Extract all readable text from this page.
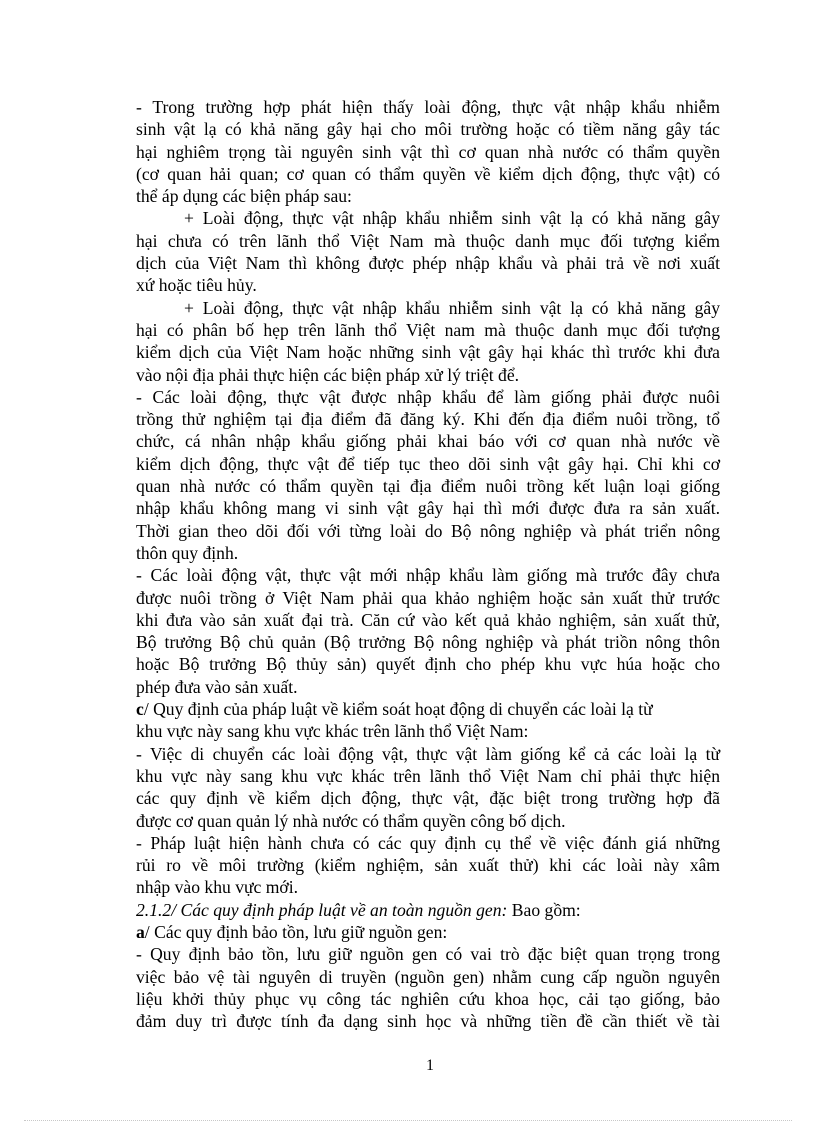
- Trong trường hợp phát hiện thấy loài động, thực vật nhập khẩu nhiễm
sinh vật lạ có khả năng gây hại cho môi trường hoặc có tiềm năng gây tác
hại nghiêm trọng tài nguyên sinh vật thì cơ quan nhà nước có thẩm quyền
(cơ quan hải quan; cơ quan có thẩm quyền về kiểm dịch động, thực vật) có
thể áp dụng các biện pháp sau:
+ Loài động, thực vật nhập khẩu nhiễm sinh vật lạ có khả năng gây
hại chưa có trên lãnh thổ Việt Nam mà thuộc danh mục đối tượng kiểm
dịch của Việt Nam thì không được phép nhập khẩu và phải trả về nơi xuất
xứ hoặc tiêu hủy.
+ Loài động, thực vật nhập khẩu nhiễm sinh vật lạ có khả năng gây
hại có phân bố hẹp trên lãnh thổ Việt nam mà thuộc danh mục đối tượng
kiểm dịch của Việt Nam hoặc những sinh vật gây hại khác thì trước khi đưa
vào nội địa phải thực hiện các biện pháp xử lý triệt để.
- Các loài động, thực vật được nhập khẩu để làm giống phải được nuôi
trồng thử nghiệm tại địa điểm đã đăng ký. Khi đến địa điểm nuôi trồng, tổ
chức, cá nhân nhập khẩu giống phải khai báo với cơ quan nhà nước về
kiểm dịch động, thực vật để tiếp tục theo dõi sinh vật gây hại. Chỉ khi cơ
quan nhà nước có thẩm quyền tại địa điểm nuôi trồng kết luận loại giống
nhập khẩu không mang vi sinh vật gây hại thì mới được đưa ra sản xuất.
Thời gian theo dõi đối với từng loài do Bộ nông nghiệp và phát triển nông
thôn quy định.
- Các loài động vật, thực vật mới nhập khẩu làm giống mà trước đây chưa
được nuôi trồng ở Việt Nam phải qua khảo nghiệm hoặc sản xuất thử trước
khi đưa vào sản xuất đại trà. Căn cứ vào kết quả khảo nghiệm, sản xuất thử,
Bộ trưởng Bộ chủ quản (Bộ trưởng Bộ nông nghiệp và phát triồn nông thôn
hoặc Bộ trưởng Bộ thủy sản) quyết định cho phép khu vực húa hoặc cho
phép đưa vào sản xuất.
c/ Quy định của pháp luật về kiểm soát hoạt động di chuyển các loài lạ từ
khu vực này sang khu vực khác trên lãnh thổ Việt Nam:
- Việc di chuyển các loài động vật, thực vật làm giống kể cả các loài lạ từ
khu vực này sang khu vực khác trên lãnh thổ Việt Nam chỉ phải thực hiện
các quy định về kiểm dịch động, thực vật, đặc biệt trong trường hợp đã
được cơ quan quản lý nhà nước có thẩm quyền công bố dịch.
- Pháp luật hiện hành chưa có các quy định cụ thể về việc đánh giá những
rủi ro về môi trường (kiểm nghiệm, sản xuất thử) khi các loài này xâm
nhập vào khu vực mới.
2.1.2/ Các quy định pháp luật về an toàn nguồn gen: Bao gồm:
a/ Các quy định bảo tồn, lưu giữ nguồn gen:
- Quy định bảo tồn, lưu giữ nguồn gen có vai trò đặc biệt quan trọng trong
việc bảo vệ tài nguyên di truyền (nguồn gen) nhằm cung cấp nguồn nguyên
liệu khởi thủy phục vụ công tác nghiên cứu khoa học, cải tạo giống, bảo
đảm duy trì được tính đa dạng sinh học và những tiền đề cần thiết về tài
1
